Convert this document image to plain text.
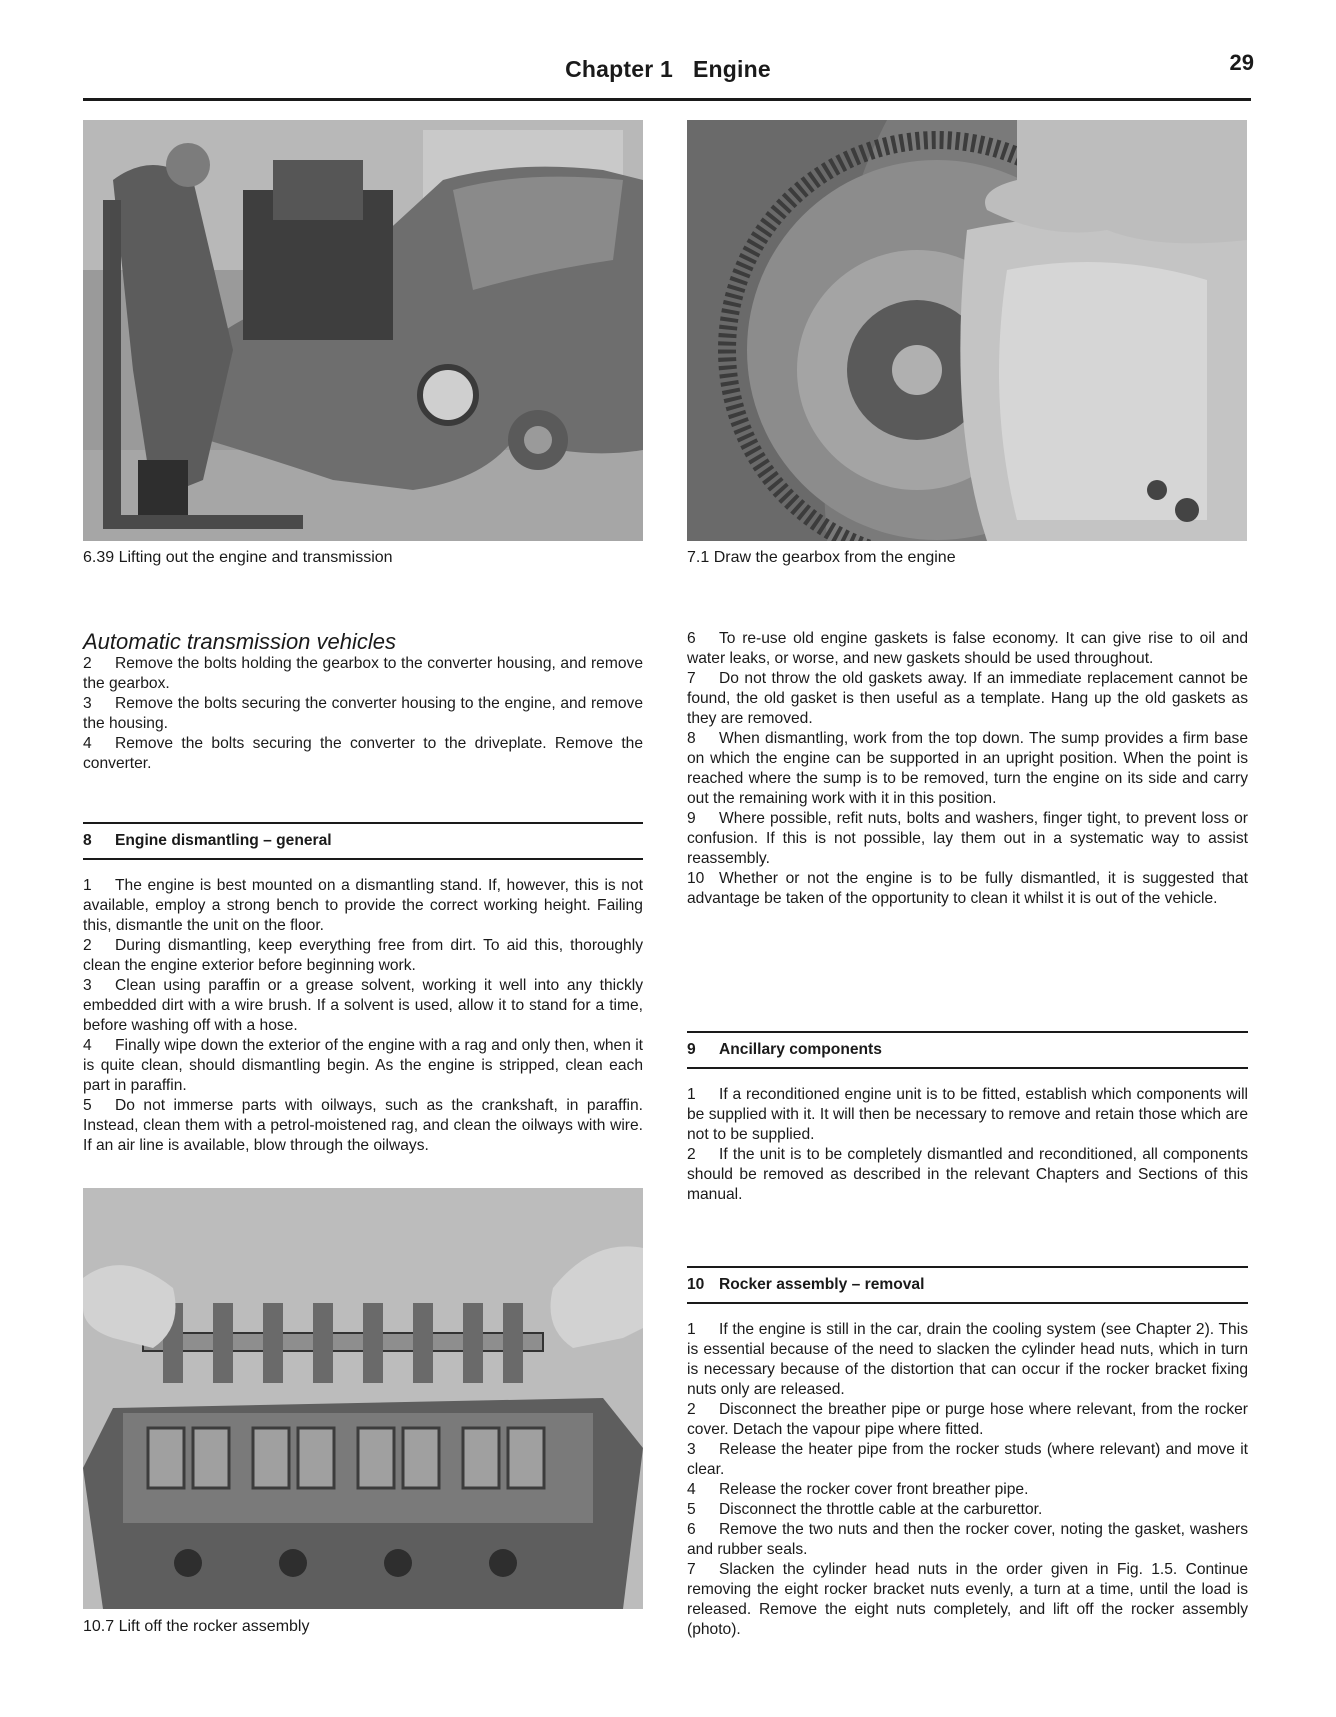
Chapter 1 Engine	29
6.39 Lifting out the engine and transmission	7.1 Draw the gearbox from the engine
Automatic transmission vehicles

2 Remove the bolts holding the gearbox to the converter housing, and remove the gearbox.

3 Remove the bolts securing the converter housing to the engine, and remove the housing.

4 Remove the bolts securing the converter to the driveplate. Remove the converter.

8 Engine dismantling – general

1 The engine is best mounted on a dismantling stand. If, however, this is not available, employ a strong bench to provide the correct working height. Failing this, dismantle the unit on the floor.

2 During dismantling, keep everything free from dirt. To aid this, thoroughly clean the engine exterior before beginning work.

3 Clean using paraffin or a grease solvent, working it well into any thickly embedded dirt with a wire brush. If a solvent is used, allow it to stand for a time, before washing off with a hose.

4 Finally wipe down the exterior of the engine with a rag and only then, when it is quite clean, should dismantling begin. As the engine is stripped, clean each part in paraffin.

5 Do not immerse parts with oilways, such as the crankshaft, in paraffin. Instead, clean them with a petrol-moistened rag, and clean the oilways with wire. If an air line is available, blow through the oilways.

10.7 Lift off the rocker assembly

6 To re-use old engine gaskets is false economy. It can give rise to oil and water leaks, or worse, and new gaskets should be used throughout.

7 Do not throw the old gaskets away. If an immediate replacement cannot be found, the old gasket is then useful as a template. Hang up the old gaskets as they are removed.

8 When dismantling, work from the top down. The sump provides a firm base on which the engine can be supported in an upright position. When the point is reached where the sump is to be removed, turn the engine on its side and carry out the remaining work with it in this position.

9 Where possible, refit nuts, bolts and washers, finger tight, to prevent loss or confusion. If this is not possible, lay them out in a systematic way to assist reassembly.

10 Whether or not the engine is to be fully dismantled, it is suggested that advantage be taken of the opportunity to clean it whilst it is out of the vehicle.

9 Ancillary components

1 If a reconditioned engine unit is to be fitted, establish which components will be supplied with it. It will then be necessary to remove and retain those which are not to be supplied.

2 If the unit is to be completely dismantled and reconditioned, all components should be removed as described in the relevant Chapters and Sections of this manual.

10 Rocker assembly – removal

1 If the engine is still in the car, drain the cooling system (see Chapter 2). This is essential because of the need to slacken the cylinder head nuts, which in turn is necessary because of the distortion that can occur if the rocker bracket fixing nuts only are released.

2 Disconnect the breather pipe or purge hose where relevant, from the rocker cover. Detach the vapour pipe where fitted.

3 Release the heater pipe from the rocker studs (where relevant) and move it clear.

4 Release the rocker cover front breather pipe.

5 Disconnect the throttle cable at the carburettor.

6 Remove the two nuts and then the rocker cover, noting the gasket, washers and rubber seals.

7 Slacken the cylinder head nuts in the order given in Fig. 1.5. Continue removing the eight rocker bracket nuts evenly, a turn at a time, until the load is released. Remove the eight nuts completely, and lift off the rocker assembly (photo).
